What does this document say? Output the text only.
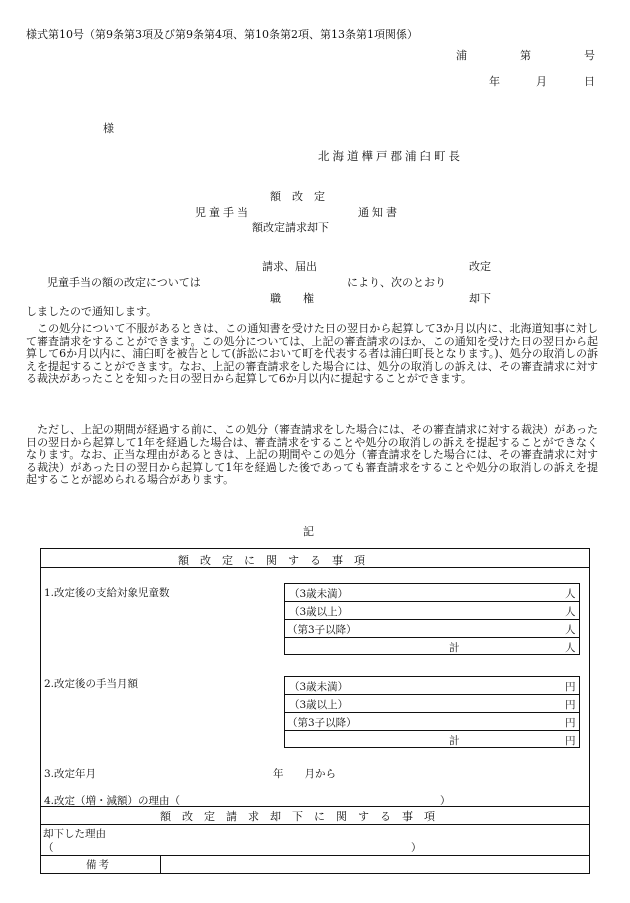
様式第10号（第9条第3項及び第9条第4項、第10条第2項、第13条第1項関係）
浦	第	号
年	月	日
様
北海道樺戸郡浦臼町長
額　改　定
児童手当	通知書
額改定請求却下
請求、届出	改定
児童手当の額の改定については	により、次のとおり
職　　権	却下
しましたので通知します。
この処分について不服があるときは、この通知書を受けた日の翌日から起算して3か月以内に、北海道知事に対して審査請求をすることができます。この処分については、上記の審査請求のほか、この通知を受けた日の翌日から起算して6か月以内に、浦臼町を被告として(訴訟において町を代表する者は浦臼町長となります。)、処分の取消しの訴えを提起することができます。なお、上記の審査請求をした場合には、処分の取消しの訴えは、その審査請求に対する裁決があったことを知った日の翌日から起算して6か月以内に提起することができます。
ただし、上記の期間が経過する前に、この処分（審査請求をした場合には、その審査請求に対する裁決）があった日の翌日から起算して1年を経過した場合は、審査請求をすることや処分の取消しの訴えを提起することができなくなります。なお、正当な理由があるときは、上記の期間やこの処分（審査請求をした場合には、その審査請求に対する裁決）があった日の翌日から起算して1年を経過した後であっても審査請求をすることや処分の取消しの訴えを提起することが認められる場合があります。
記
額改定に関する事項
1.改定後の支給対象児童数	（3歳未満）	人
（3歳以上）	人
（第3子以降）	人
計	人
2.改定後の手当月額	（3歳未満）	円
（3歳以上）	円
（第3子以降）	円
計	円
3.改定年月	年　　月から
4.改定（増・減額）の理由（	）
額改定請求却下に関する事項
却下した理由
（	）
備考
